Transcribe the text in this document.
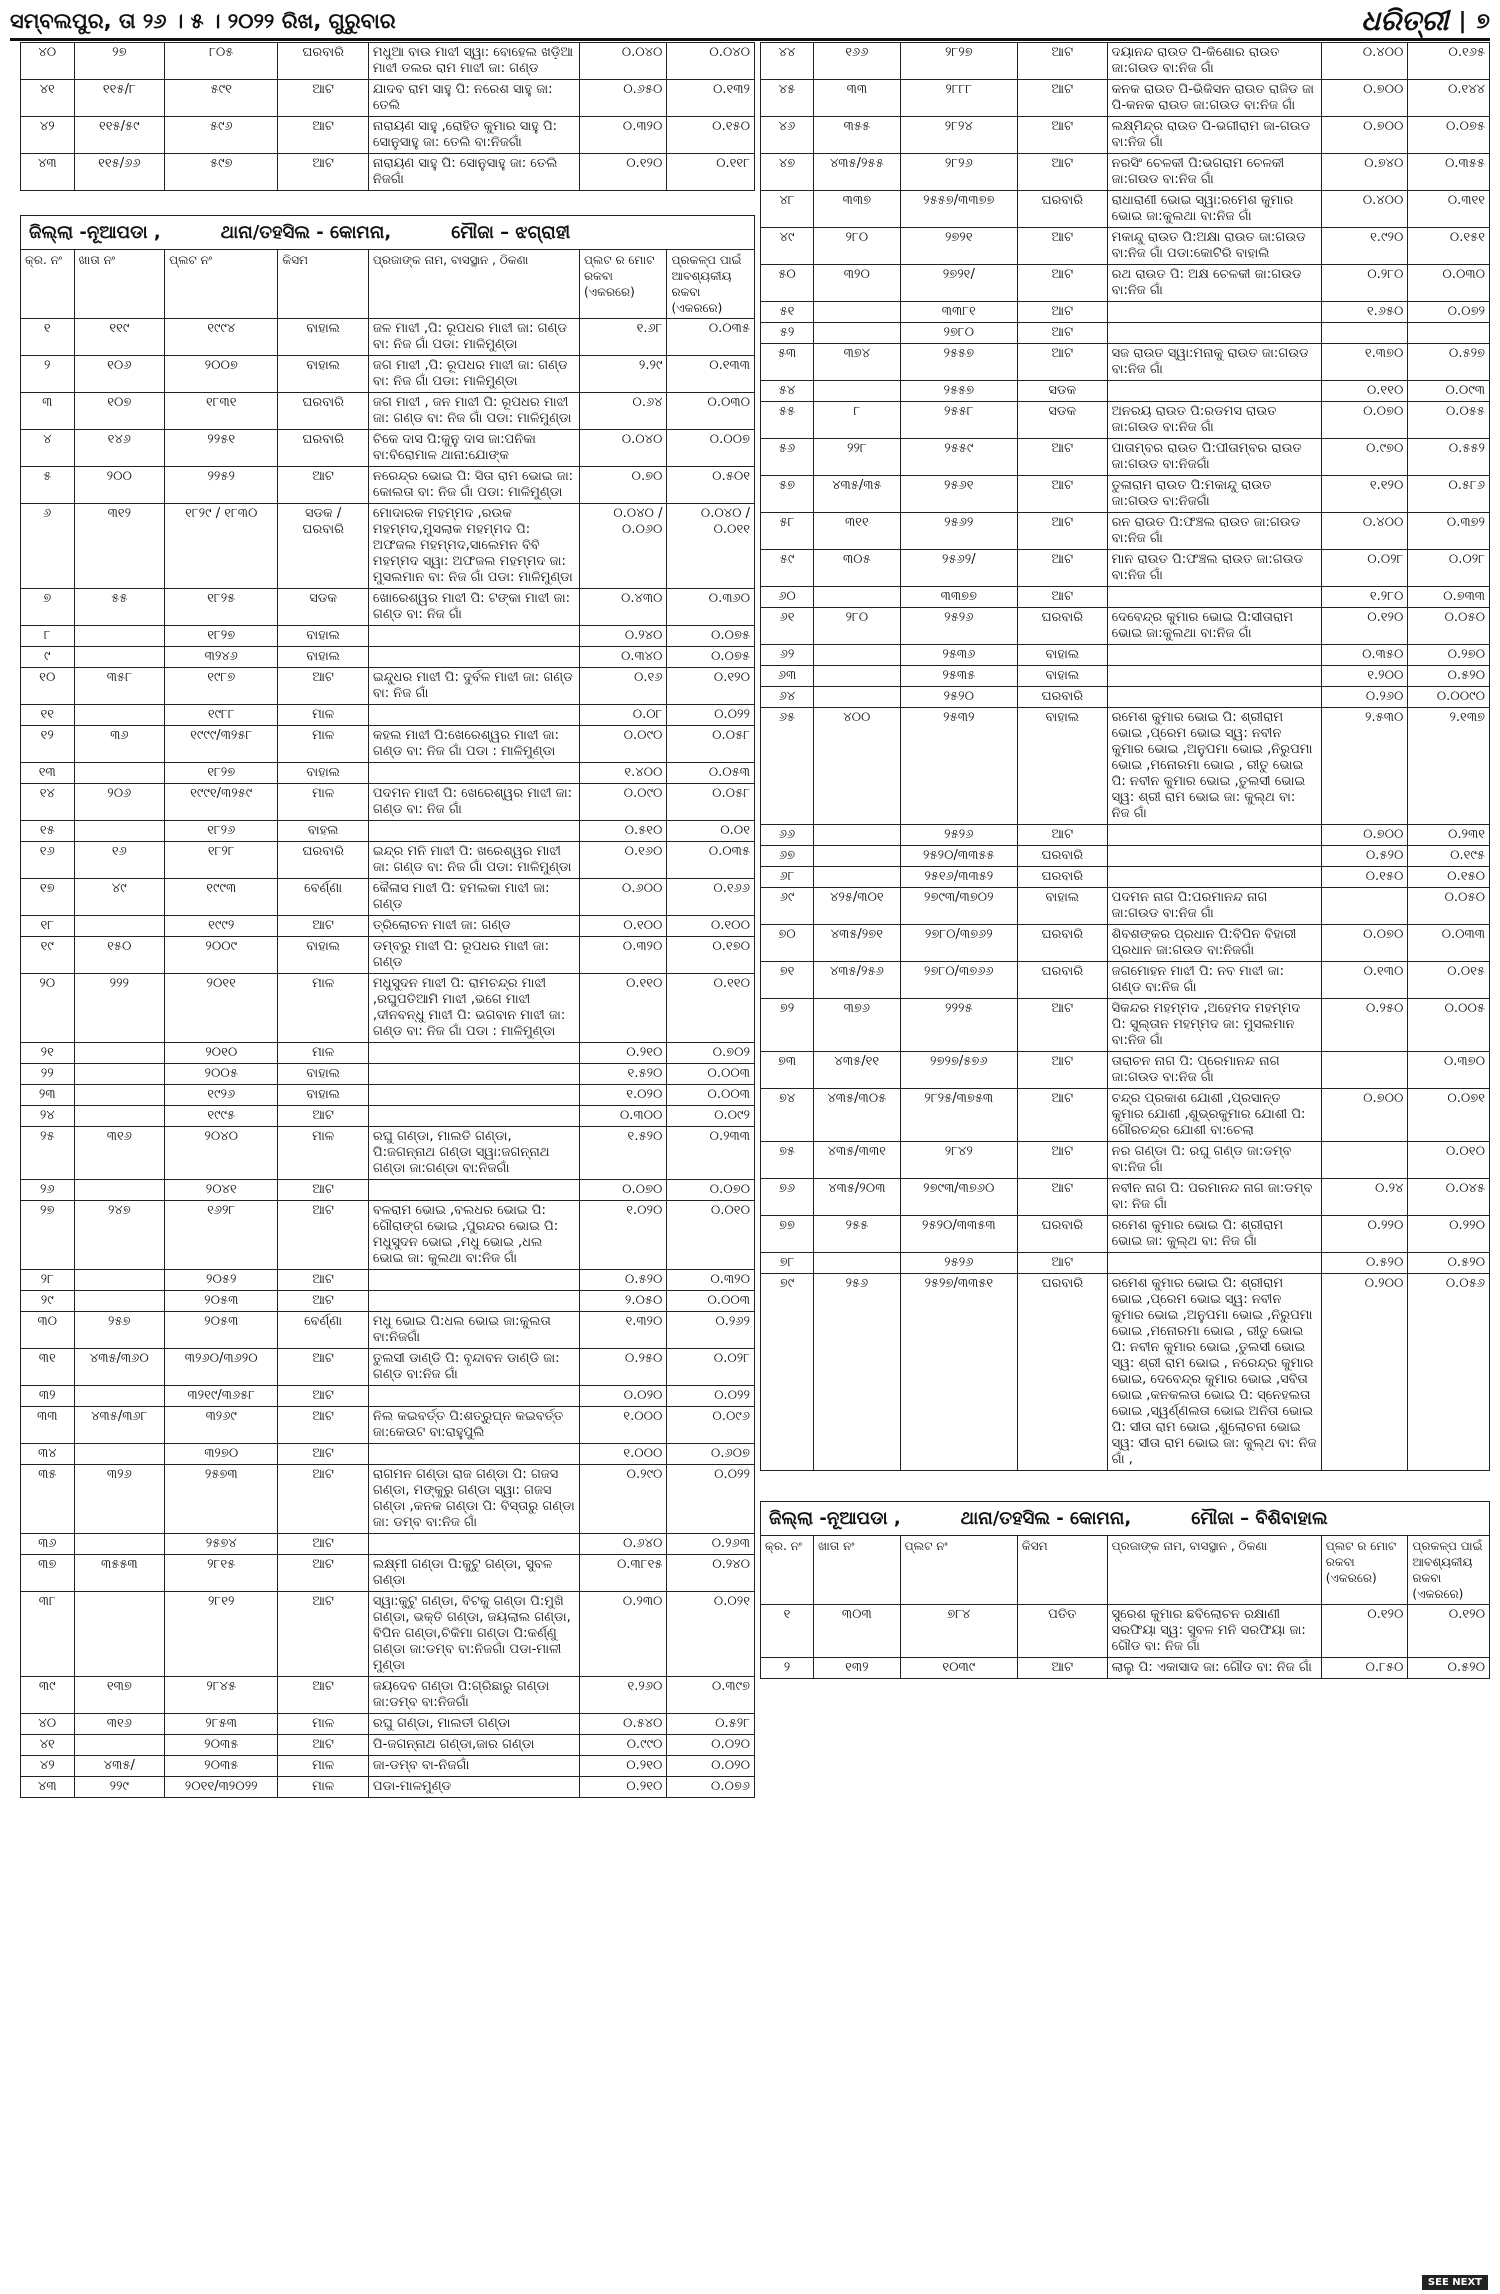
ସମ୍ବଲପୁର, ତା ୨୬ । ୫ । ୨୦୨୨ ରିଖ, ଗୁରୁବାର	ଧରିତ୍ରୀ | ୭
୪୦	୨୭	୮୦୫	ଘରବାରି	ମଧୁଆ ବାଉ ମାଝୀ ସ୍ୱା: ବୋହେଲ ଖଡ଼ିଆ ମାଝୀ ତଲର ରାମ ମାଝୀ ଜା: ଗଣ୍ଡ	୦.୦୪୦	୦.୦୪୦
୪୧	୧୧୫/୮	୫୯୧	ଆଟ	ଯାଦବ ରାମ ସାହୁ ପି: ନରେଶ ସାହୁ ଜା: ତେଲି	୦.୬୫୦	୦.୧୩୨
୪୨	୧୧୫/୫୯	୫୯୬	ଆଟ	ନାରାୟଣ ସାହୁ ,ରୋହିତ କୁମାର ସାହୁ ପି: ସୋନୁସାହୁ ଜା: ତେଲି ବା:ନିଜଗାଁ	୦.୩୨୦	୦.୧୫୦
୪୩	୧୧୫/୬୬	୫୯୭	ଆଟ	ନାରାୟଣ ସାହୁ ପି: ସୋନୁସାହୁ ଜା: ତେଲି ନିଜଗାଁ	୦.୧୨୦	୦.୧୧୮
ଜିଲ୍ଲା -ନୂଆପଡା ,	ଥାନା/ତହସିଲ - କୋମନା,	ମୌଜା – ଝଗ୍ରାହୀ
କ୍ର. ନଂ	ଖାତା ନଂ	ପ୍ଲଟ ନଂ	କିସମ	ପ୍ରଜାଙ୍କ ନାମ, ବାସସ୍ଥାନ , ଠିକଣା	ପ୍ଲଟ ର ମୋଟ ରକବା (ଏକରରେ)	ପ୍ରକଳ୍ପ ପାଇଁ ଆବଶ୍ୟକୀୟ ରକବା (ଏକରରେ)
୧	୧୧୯	୧୯୯୪	ବାହାଲ	ଜଳ ମାଝୀ ,ପି: ରୂପଧର ମାଝୀ ଜା: ଗଣ୍ଡ ବା: ନିଜ ଗାଁ ପଡା: ମାଳିମୁଣ୍ଡା	୧.୬୮	୦.୦୩୫
୨	୧୦୬	୨୦୦୭	ବାହାଲ	ଜଗ ମାଝୀ ,ପି: ରୂପଧର ମାଝୀ ଜା: ଗଣ୍ଡ ବା: ନିଜ ଗାଁ ପଡା: ମାଳିମୁଣ୍ଡା	୨.୨୯	୦.୧୩୩
୩	୧୦୭	୧୮୩୧	ଘରବାରି	ଜଗ ମାଝୀ , ଜନ ମାଝୀ ପି: ରୂପଧର ମାଝୀ ଜା: ଗଣ୍ଡ ବା: ନିଜ ଗାଁ ପଡା: ମାଳିମୁଣ୍ଡା	୦.୬୪	୦.୦୩୦
୪	୧୪୬	୨୨୫୧	ଘରବାରି	ଚିକେ ଦାସ ପି:କୁନୁ ଦାସ ଜା:ପନିକା ବା:ବିରୋମାଳ ଥାନା:ଯୋଙ୍କ	୦.୦୪୦	୦.୦୦୭
୫	୨୦୦	୨୨୫୨	ଆଟ	ନରେନ୍ଦ୍ର ଭୋଇ ପି: ସିତା ରାମ ଭୋଇ ଜା: କୋଲତା ବା: ନିଜ ଗାଁ ପଡା: ମାଳିମୁଣ୍ଡା	୦.୭୦	୦.୫୦୧
୬	୩୧୨	୧୮୨୯ / ୧୮୩୦	ସଡକ / ଘରବାରି	ମୋଦାରକ ମହମ୍ମଦ ,ରଉକ ମହମ୍ମଦ,ମୁସଲାକ ମହମ୍ମଦ ପି: ଅଫଜଲ ମହମ୍ମଦ,ସାଲେମନ ବିବି ମହମ୍ମଦ ସ୍ୱା: ଅଫଜଲ ମହମ୍ମଦ ଜା: ମୁସଲମାନ ବା: ନିଜ ଗାଁ ପଡା: ମାଳିମୁଣ୍ଡା	୦.୦୪୦ / ୦.୦୬୦	୦.୦୪୦ / ୦.୦୧୧
୭	୫୫	୧୮୨୫	ସଡକ	ଖୋରେଶ୍ୱର ମାଝୀ ପି: ଟଙ୍କା ମାଝୀ ଜା: ଗଣ୍ଡ ବା: ନିଜ ଗାଁ	୦.୪୩୦	୦.୩୬୦
୮		୧୮୨୭	ବାହାଲ		୦.୨୪୦	୦.୦୭୫
୯		୩୨୪୬	ବାହାଲ		୦.୩୪୦	୦.୦୭୫
୧୦	୩୫୮	୧୯୮୭	ଆଟ	ଇନ୍ଦୁଧର ମାଝୀ ପି: ଦୁର୍ବଳ ମାଝୀ ଜା: ଗଣ୍ଡ ବା: ନିଜ ଗାଁ	୦.୧୬	୦.୧୨୦
୧୧		୧୯୮୮	ମାଳ		୦.୦୮	୦.୦୨୨
୧୨	୩୬	୧୯୯୯/୩୨୫୮	ମାଳ	କହଲ ମାଝୀ ପି:ଖେରେଶ୍ୱର ମାଝୀ ଜା: ଗଣ୍ଡ ବା: ନିଜ ଗାଁ ପଡା : ମାଳିମୁଣ୍ଡା	୦.୦୯୦	୦.୦୫୮
୧୩		୧୮୨୭	ବାହାଲ		୧.୪୦୦	୦.୦୫୩
୧୪	୨୦୬	୧୯୯୧/୩୨୫୯	ମାଳ	ପଦମନ ମାଝୀ ପି: ଖେରେଶ୍ୱର ମାଝୀ ଜା: ଗଣ୍ଡ ବା: ନିଜ ଗାଁ	୦.୦୯୦	୦.୦୫୮
୧୫		୧୮୨୬	ବାହଲ		୦.୫୧୦	୦.୦୧
୧୬	୧୬	୧୮୨୮	ଘରବାରି	ଇନ୍ଦ୍ର ମନି ମାଝୀ ପି: ଖରେଶ୍ୱର ମାଝୀ ଜା: ଗଣ୍ଡ ବା: ନିଜ ଗାଁ ପଡା: ମାଳିମୁଣ୍ଡା	୦.୧୬୦	୦.୦୩୫
୧୭	୪୯	୧୯୯୩	ବେର୍ଣ୍ଣା	କୈଳାସ ମାଝୀ ପି: ହମଲକା ମାଝୀ ଜା: ଗଣ୍ଡ	୦.୬୦୦	୦.୧୬୬
୧୮		୧୯୯୨	ଆଟ	ତ୍ରିଲୋଚନ ମାଝୀ ଜା: ଗଣ୍ଡ	୦.୧୦୦	୦.୧୦୦
୧୯	୧୫୦	୨୦୦୯	ବାହାଲ	ଡମ୍ବରୁ ମାଝୀ ପି: ରୂପଧର ମାଝୀ ଜା: ଗଣ୍ଡ	୦.୩୨୦	୦.୧୭୦
୨୦	୨୨୨	୨୦୧୧	ମାଳ	ମଧୁସୁଦନ ମାଝୀ ପି: ରାମଚନ୍ଦ୍ର ମାଝୀ ,ରଘୁପତିଆମି ମାଝୀ ,ଭଗେ ମାଝୀ ,ଦୀନବନ୍ଧୁ ମାଝୀ ପି: ଭଗବାନ ମାଝୀ ଜା: ଗଣ୍ଡ ବା: ନିଜ ଗାଁ ପଡା : ମାଳିମୁଣ୍ଡା	୦.୧୧୦	୦.୧୧୦
୨୧		୨୦୧୦	ମାଳ		୦.୨୧୦	୦.୭୦୨
୨୨		୨୦୦୫	ବାହାଲ		୧.୫୨୦	୦.୦୦୩
୨୩		୧୯୨୬	ବାହାଲ		୧.୦୨୦	୦.୦୦୩
୨୪		୧୯୯୫	ଆଟ		୦.୩୦୦	୦.୦୯୨
୨୫	୩୧୬	୨୦୪୦	ମାଳ	ରଘୁ ଗଣ୍ଡା, ମାଲତି ଗଣ୍ଡା, ପି:ଜଗନ୍ନାଥ ଗଣ୍ଡା ସ୍ୱା:ଜଗନ୍ନାଥ ଗଣ୍ଡା ଜା:ଗଣ୍ଡା ବା:ନିଜଗାଁ	୧.୫୨୦	୦.୨୩୩
୨୬		୨୦୪୧	ଆଟ		୦.୦୭୦	୦.୦୭୦
୨୭	୨୪୭	୧୬୨୮	ଆଟ	ବଳରାମ ଭୋଇ ,ବଲଧର ଭୋଇ ପି: ଗୌରାଙ୍ଗ ଭୋଇ ,ପୁରନ୍ଦର ଭୋଇ ପି: ମଧୁସୁଦନ ଭୋଇ ,ମଧୁ ଭୋଇ ,ଧଲ ଭୋଇ ଜା: କୁଲଥା ବା:ନିଜ ଗାଁ	୧.୦୨୦	୦.୦୧୦
୨୮		୨୦୫୨	ଆଟ		୦.୫୨୦	୦.୩୨୦
୨୯		୨୦୫୩	ଆଟ		୨.୦୫୦	୦.୦୦୩
୩୦	୨୫୭	୨୦୫୩	ବେର୍ଣ୍ଣା	ମଧୁ ଭୋଇ ପି:ଧଲ ଭୋଇ ଜା:କୁଲତା ବା:ନିଜଗାଁ	୧.୩୨୦	୦.୨୬୨
୩୧	୪୩୫/୩୬୦	୩୨୬୦/୩୬୨୦	ଆଟ	ତୁଲସୀ ଡାଣ୍ଡି ପି: ବୃନ୍ଦାବନ ଡାଣ୍ଡି ଜା: ଗଣ୍ଡ ବା:ନିଜ ଗାଁ	୦.୨୫୦	୦.୦୨୮
୩୨		୩୨୧୯/୩୬୫୮	ଆଟ		୦.୦୨୦	୦.୦୨୨
୩୩	୪୩୫/୩୬୮	୩୨୬୯	ଆଟ	ନିଲ କଇବର୍ତ୍ତ ପି:ଶତ୍ରୁଘ୍ନ କଇବର୍ତ୍ତ ଜା:କେଉଟ ବା:ରାହୁପୁଲି	୧.୦୦୦	୦.୦୯୬
୩୪		୩୨୭୦	ଆଟ		୧.୦୦୦	୦.୬୦୭
୩୫	୩୨୬	୨୫୭୩	ଆଟ	ରାଗମନ ଗଣ୍ଡା ରାଜ ଗଣ୍ଡା ପି: ଗଜସ ଗଣ୍ଡା, ମଙ୍କୁରୁ ଗଣ୍ଡା ସ୍ୱା: ଗଜସ ଗଣ୍ଡା ,କନକ ଗଣ୍ଡା ପି: ବିସ୍ତାରୁ ଗଣ୍ଡା ଜା: ଡମ୍ବ ବା:ନିଜ ଗାଁ	୦.୨୯୦	୦.୦୨୨
୩୬		୨୫୭୪	ଆଟ		୦.୬୪୦	୦.୨୬୩
୩୭	୩୫୫୩	୨୮୧୫	ଆଟ	ଲକ୍ଷ୍ମୀ ଗଣ୍ଡା ପି:କୁଟୁ ଗଣ୍ଡା, ସୁବଳ ଗଣ୍ଡା	୦.୩୮୧୫	୦.୨୪୦
୩୮		୨୮୧୨	ଆଟ	ସ୍ୱା:କୁଟୁ ଗଣ୍ଡା, ବିଟକୁ ଗଣ୍ଡା ପି:ମୁଖି ଗଣ୍ଡା, ଭକ୍ତି ଗଣ୍ଡା, ଜୟଲାଲ ଗଣ୍ଡା, ବିପିନ ଗଣ୍ଡା,ଚିକିମା ଗଣ୍ଡା ପି:କର୍ଣ୍ଣୁ ଗଣ୍ଡା ଜା:ଡମ୍ବ ବା:ନିଜଗାଁ ପଡା-ମାଳୀ ମୁଣ୍ଡା	୦.୨୩୦	୦.୦୨୧
୩୯	୧୩୭	୨୮୪୫	ଆଟ	ଜୟଦେବ ଗଣ୍ଡା ପି:ଗ୍ରିଛାରୁ ଗଣ୍ଡା ଜା:ଡମ୍ବ ବା:ନିଜଗାଁ	୧.୨୬୦	୦.୩୯୭
୪୦	୩୧୬	୨୮୫୩	ମାଳ	ରଘୁ ଗଣ୍ଡା, ମାଲତୀ ଗଣ୍ଡା	୦.୫୪୦	୦.୫୨୮
୪୧		୨୦୩୫	ଆଟ	ପି-ଜଗନ୍ନାଥ ଗଣ୍ଡା,ଜାର ଗଣ୍ଡା	୦.୯୯୦	୦.୦୨୦
୪୨	୪୩୫/	୨୦୩୫	ମାଳ	ଜା-ଡମ୍ବ ବା-ନିଜଗାଁ	୦.୨୧୦	୦.୦୨୦
୪୩	୨୨୯	୨୦୧୧/୩୨୦୨୨	ମାଳ	ପଡା-ମାଳମୁଣ୍ଡ	୦.୨୧୦	୦.୦୭୬
୪୪	୧୬୬	୨୮୨୭	ଆଟ	ଦୟାନନ୍ଦ ରାଉତ ପି-କିଶୋର ରାଉତ ଜା:ଗଉଡ ବା:ନିଜ ଗାଁ	୦.୪୦୦	୦.୧୬୫
୪୫	୩୩	୨୮୮୮	ଆଟ	କନକ ରାଉତ ପି-ଭିକିସନ ରାଉତ ରାଜିଡ ଜା ପି-କନକ ରାଉତ ଜା:ଗଉଡ ବା:ନିଜ ଗାଁ	୦.୭୦୦	୦.୧୪୪
୪୬	୩୫୫	୨୮୨୪	ଆଟ	ଲକ୍ଷ୍ମିନ୍ଦ୍ର ରାଉତ ପି-ଭଗୀରାମ ଜା-ଗଉଡ ବା:ନିଜ ଗାଁ	୦.୭୦୦	୦.୦୭୫
୪୭	୪୩୫/୨୫୫	୨୮୨୬	ଆଟ	ନରସିଂ ଚେଳକୀ ପି:ଭଗରାମ ଚେଳକୀ ଜା:ଗଉଡ ବା:ନିଜ ଗାଁ	୦.୭୪୦	୦.୩୫୫
୪୮	୩୩୭	୨୫୫୭/୩୩୭୭	ଘରବାରି	ରାଧାରାଣୀ ଭୋଇ ସ୍ୱା:ରମେଶ କୁମାର ଭୋଇ ଜା:କୁଲଥା ବା:ନିଜ ଗାଁ	୦.୪୦୦	୦.୩୧୧
୪୯	୨୮୦	୨୭୨୧	ଆଟ	ମକାନ୍ଦୁ ରାଉତ ପି:ଅକ୍ଷା ରାଉତ ଜା:ଗଉଡ ବା:ନିଜ ଗାଁ ପଡା:କୋଟିରି ବାହାଲି	୧.୯୨୦	୦.୧୫୧
୫୦	୩୨୦	୨୭୨୧/	ଆଟ	ରଥ ରାଉତ ପି: ଅକ୍ଷ ଚେଳକୀ ଜା:ଗଉଡ ବା:ନିଜ ଗାଁ	୦.୨୮୦	୦.୦୩୦
୫୧		୩୩୮୧	ଆଟ		୧.୬୫୦	୦.୦୭୨
୫୨		୨୭୮୦	ଆଟ			
୫୩	୩୭୪	୨୫୫୭	ଆଟ	ସଜ ରାଉତ ସ୍ୱା:ମନାକୁ ରାଉତ ଜା:ଗଉଡ ବା:ନିଜ ଗାଁ	୧.୩୭୦	୦.୫୨୭
୫୪		୨୫୫୭	ସଡକ		୦.୧୧୦	୦.୦୯୩
୫୫	୮	୨୫୫୮	ସଡକ	ଅନରୟ ରାଉତ ପି:ରଡମସ ରାଉତ ଜା:ଗଉଡ ବା:ନିଜ ଗାଁ	୦.୦୭୦	୦.୦୫୫
୫୬	୨୨୮	୨୫୫୯	ଆଟ	ପାତାମ୍ବର ରାଉତ ପି:ପୀତାମ୍ବର ରାଉତ ଜା:ଗଉଡ ବା:ନିଜଗାଁ	୦.୯୭୦	୦.୫୫୨
୫୭	୪୩୫/୩୫	୨୫୬୧	ଆଟ	ତୁଳାରାମ ରାଉତ ପି:ମକାନ୍ଦୁ ରାଉତ ଜା:ଗଉଡ ବା:ନିଜଗାଁ	୧.୧୨୦	୦.୫୮୬
୫୮	୩୧୧	୨୫୬୨	ଆଟ	ରନ ରାଉତ ପି:ଫଞ୍ଚଲ ରାଉତ ଜା:ଗଉଡ ବା:ନିଜ ଗାଁ	୦.୪୦୦	୦.୩୭୨
୫୯	୩୦୫	୨୫୬୨/	ଆଟ	ମାନ ରାଉତ ପି:ଫଞ୍ଚଲ ରାଉତ ଜା:ଗଉଡ ବା:ନିଜ ଗାଁ	୦.୦୨୮	୦.୦୨୮
୬୦		୩୩୭୭	ଆଟ		୧.୨୮୦	୦.୭୩୩
୬୧	୨୮୦	୨୫୨୬	ଘରବାରି	ଦେବେନ୍ଦ୍ର କୁମାର ଭୋଇ ପି:ସୀତାରାମ ଭୋଇ ଜା:କୁଲଥା ବା:ନିଜ ଗାଁ	୦.୧୨୦	୦.୦୫୦
୬୨		୨୫୩୬	ବାହାଲ		୦.୩୫୦	୦.୨୭୦
୬୩		୨୫୩୫	ବାହାଲ		୧.୨୦୦	୦.୫୨୦
୬୪		୨୫୨୦	ଘରବାରି		୦.୨୬୦	୦.୦୦୯୦
୬୫	୪୦୦	୨୫୩୨	ବାହାଲ	ରମେଶ କୁମାର ଭୋଇ ପି: ଶ୍ରୀରାମ ଭୋଇ ,ପ୍ରେମ ଭୋଇ ସ୍ୱ: ନବୀନ କୁମାର ଭୋଇ ,ଅନୁପମା ଭୋଇ ,ନିରୁପମା ଭୋଇ ,ମନୋରମା ଭୋଇ , ରୀତୁ ଭୋଇ ପି: ନବୀନ କୁମାର ଭୋଇ ,ତୁଲସୀ ଭୋଇ ସ୍ୱ: ଶ୍ରୀ ରାମ ଭୋଇ ଜା: କୁଲ୍ଥ ବା: ନିଜ ଗାଁ	୨.୫୩୦	୨.୧୩୭
୬୬		୨୫୨୬	ଆଟ		୦.୭୦୦	୦.୨୩୧
୬୭		୨୫୨୦/୩୩୫୫	ଘରବାରି		୦.୫୨୦	୦.୧୯୫
୬୮		୨୫୧୬/୩୩୫୨	ଘରବାରି		୦.୧୫୦	୦.୧୫୦
୬୯	୪୨୫/୩୦୧	୨୭୯୩/୩୭୦୨	ବାହାଲ	ପଦମନ ନାଗ ପି:ପରମାନନ୍ଦ ନାଗ ଜା:ଗଉଡ ବା:ନିଜ ଗାଁ		୦.୦୫୦
୭୦	୪୩୫/୨୭୧	୨୭୮୦/୩୭୬୨	ଘରବାରି	ଶିବଶଙ୍କର ପ୍ରଧାନ ପି:ବିପିନ ବିହାରୀ ପ୍ରଧାନ ଜା:ଗଉଡ ବା:ନିଜଗାଁ	୦.୦୭୦	୦.୦୩୩
୭୧	୪୩୫/୨୫୬	୨୭୮୦/୩୭୬୬	ଘରବାରି	ଜଗମୋହନ ମାଝୀ ପି: ନବ ମାଝୀ ଜା: ଗଣ୍ଡ ବା:ନିଜ ଗାଁ	୦.୧୩୦	୦.୦୧୫
୭୨	୩୭୬	୨୨୨୫	ଆଟ	ସିକନ୍ଦର ମହମ୍ମଦ ,ଅହେମଦ ମହମ୍ମଦ ପି: ସୁଲ୍ତାନ ମହମ୍ମଦ ଜା: ମୁସଲମାନ ବା:ନିଜ ଗାଁ	୦.୨୫୦	୦.୦୦୫
୭୩	୪୩୫/୧୧	୨୭୨୭/୫୭୬	ଆଟ	ତାରାଚନ ନାଗ ପି: ପ୍ରେମାନନ୍ଦ ନାଗ ଜା:ଗଉଡ ବା:ନିଜ ଗାଁ		୦.୩୭୦
୭୪	୪୩୫/୩୦୫	୨୮୨୫/୩୭୫୩	ଆଟ	ଚନ୍ଦ୍ର ପ୍ରକାଶ ଯୋଶୀ ,ପ୍ରସାନ୍ତ କୁମାର ଯୋଶୀ ,ଶୁଭ୍ରକୁମାର ଯୋଶୀ ପି: ଗୌରଚନ୍ଦ୍ର ଯୋଶୀ ବା:ଚେଲା	୦.୭୦୦	୦.୦୭୧
୭୫	୪୩୫/୩୩୧	୨୮୪୨	ଆଟ	ନର ଗଣ୍ଡା ପି: ରଘୁ ଗଣ୍ଡ ଜା:ଡମ୍ବ ବା:ନିଜ ଗାଁ		୦.୦୧୦
୭୬	୪୩୫/୨୦୩	୨୭୯୩/୩୭୬୦	ଆଟ	ନବୀନ ନାଗ ପି: ପରମାନନ୍ଦ ନାଗ ଜା:ଡମ୍ବ ବା: ନିଜ ଗାଁ	୦.୨୪	୦.୦୪୫
୭୭	୨୫୫	୨୫୨୦/୩୩୫୩	ଘରବାରି	ରମେଶ କୁମାର ଭୋଇ ପି: ଶ୍ରୀରାମ ଭୋଇ ଜା: କୁଲ୍ଥ ବା: ନିଜ ଗାଁ	୦.୨୨୦	୦.୨୨୦
୭୮		୨୫୨୬	ଆଟ		୦.୫୨୦	୦.୫୨୦
୭୯	୨୫୬	୨୫୨୭/୩୩୫୧	ଘରବାରି	ରମେଶ କୁମାର ଭୋଇ ପି: ଶ୍ରୀରାମ ଭୋଇ ,ପ୍ରେମ ଭୋଇ ସ୍ୱ: ନବୀନ କୁମାର ଭୋଇ ,ଅନୁପମା ଭୋଇ ,ନିରୁପମା ଭୋଇ ,ମନୋରମା ଭୋଇ , ରୀତୁ ଭୋଇ ପି: ନବୀନ କୁମାର ଭୋଇ ,ତୁଲସୀ ଭୋଇ ସ୍ୱ: ଶ୍ରୀ ରାମ ଭୋଇ , ନରେନ୍ଦ୍ର କୁମାର ଭୋଇ, ଦେବେନ୍ଦ୍ର କୁମାର ଭୋଇ ,ସବିତା ଭୋଇ ,କନକଲତା ଭୋଇ ପି: ସ୍ନେହଲତା ଭୋଇ ,ସ୍ୱର୍ଣ୍ଣଲତା ଭୋଇ ଅନିତା ଭୋଇ ପି: ସୀତା ରାମ ଭୋଇ ,ଶୁଲୋଚନା ଭୋଇ ସ୍ୱ: ସୀତା ରାମ ଭୋଇ ଜା: କୁଲ୍ଥ ବା: ନିଜ ଗାଁ ,	୦.୨୦୦	୦.୦୫୬
ଜିଲ୍ଲା -ନୂଆପଡା ,	ଥାନା/ତହସିଲ - କୋମନା,	ମୌଜା – ବିଶିବାହାଲ
କ୍ର. ନଂ	ଖାତା ନଂ	ପ୍ଲଟ ନଂ	କିସମ	ପ୍ରଜାଙ୍କ ନାମ, ବାସସ୍ଥାନ , ଠିକଣା	ପ୍ଲଟ ର ମୋଟ ରକବା (ଏକରରେ)	ପ୍ରକଳ୍ପ ପାଇଁ ଆବଶ୍ୟକୀୟ ରକବା (ଏକରରେ)
୧	୩୦୩	୭୮୪	ପତିତ	ସୁରେଶ କୁମାର ଛବିଲୋଚନ ରକ୍ଷାଣୀ ସରଫିୟା ସ୍ୱ: ସୁବଳ ମନି ସରଫିୟା ଜା: ଗୌଡ ବା: ନିଜ ଗାଁ	୦.୧୨୦	୦.୧୨୦
୨	୧୩୨	୧୦୩୯	ଆଟ	ଲାଲୁ ପି: ଏକାସାଦ ଜା: ଗୌଡ ବା: ନିଜ ଗାଁ	୦.୮୫୦	୦.୫୨୦
SEE NEXT
